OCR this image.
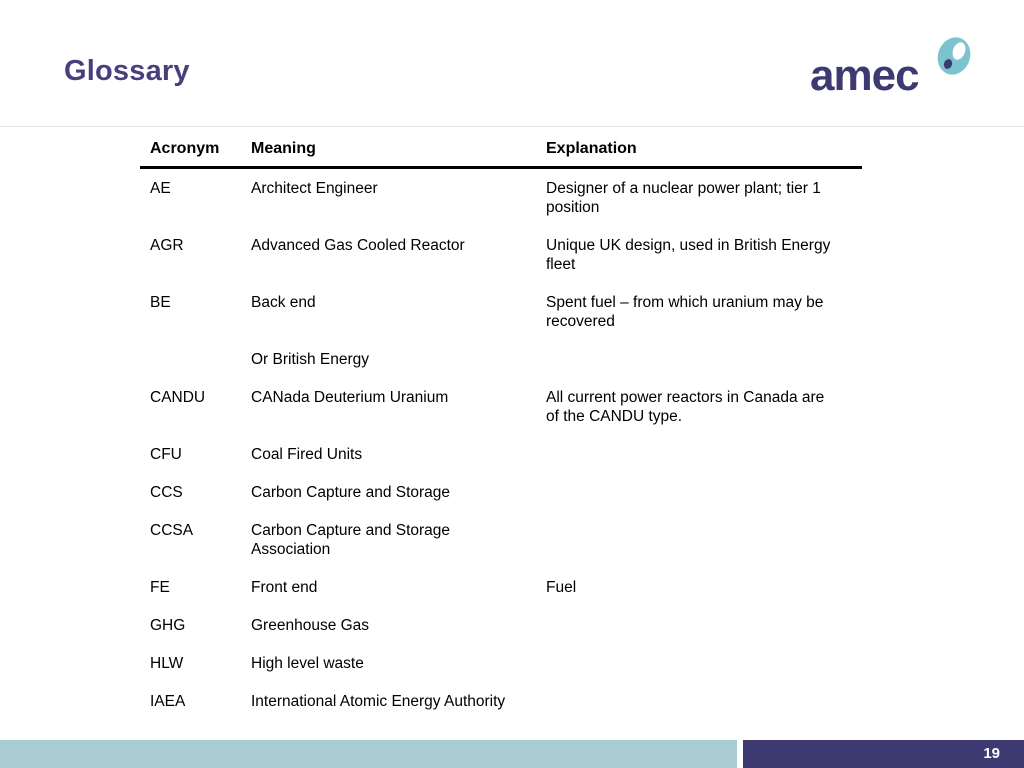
Glossary	amec
Acronym	Meaning	Explanation
AE	Architect Engineer	Designer of a nuclear power plant; tier 1 position

AGR	Advanced Gas Cooled Reactor	Unique UK design, used in British Energy fleet

BE	Back end	Spent fuel – from which uranium may be recovered

	Or British Energy	

CANDU	CANada Deuterium Uranium	All current power reactors in Canada are of the CANDU type.

CFU	Coal Fired Units	

CCS	Carbon Capture and Storage	

CCSA	Carbon Capture and Storage Association	

FE	Front end	Fuel

GHG	Greenhouse Gas	

HLW	High level waste	

IAEA	International Atomic Energy Authority	
19
